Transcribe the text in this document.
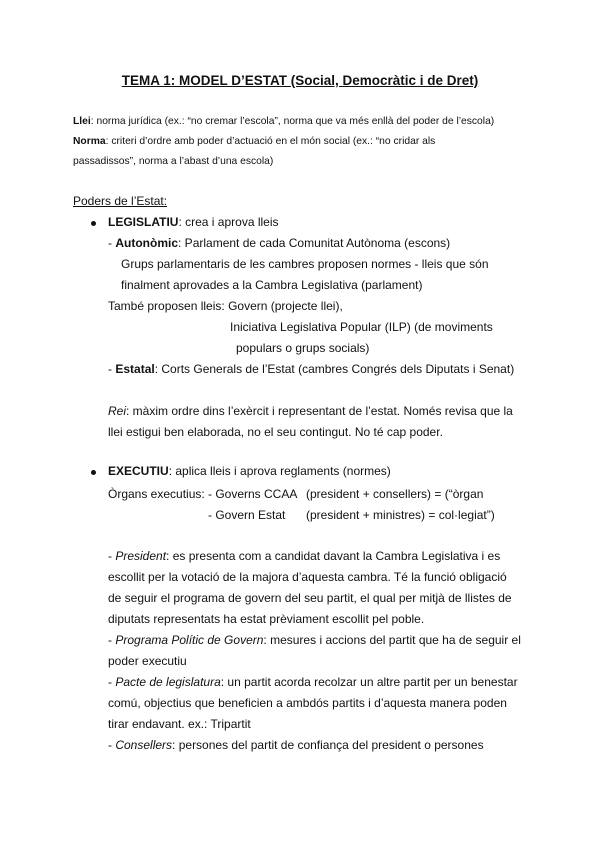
TEMA 1: MODEL D’ESTAT (Social, Democràtic i de Dret)
Llei: norma jurídica (ex.: “no cremar l’escola”, norma que va més enllà del poder de l’escola)
Norma: criteri d’ordre amb poder d’actuació en el món social (ex.: “no cridar als
passadissos”, norma a l’abast d’una escola)
Poders de l’Estat:
LEGISLATIU: crea i aprova lleis
- Autonòmic: Parlament de cada Comunitat Autònoma (escons)
Grups parlamentaris de les cambres proposen normes - lleis que són
finalment aprovades a la Cambra Legislativa (parlament)
També proposen lleis: Govern (projecte llei),
Iniciativa Legislativa Popular (ILP) (de moviments
populars o grups socials)
- Estatal: Corts Generals de l’Estat (cambres Congrés dels Diputats i Senat)
Rei: màxim ordre dins l’exèrcit i representant de l’estat. Només revisa que la
llei estigui ben elaborada, no el seu contingut. No té cap poder.
EXECUTIU: aplica lleis i aprova reglaments (normes)
Òrgans executius: - Governs CCAA (president + consellers) = (“òrgan
- Govern Estat (president + ministres) = col·legiat”)
- President: es presenta com a candidat davant la Cambra Legislativa i es
escollit per la votació de la majora d’aquesta cambra. Té la funció obligació
de seguir el programa de govern del seu partit, el qual per mitjà de llistes de
diputats representats ha estat prèviament escollit pel poble.
- Programa Polític de Govern: mesures i accions del partit que ha de seguir el
poder executiu
- Pacte de legislatura: un partit acorda recolzar un altre partit per un benestar
comú, objectius que beneficien a ambdós partits i d’aquesta manera poden
tirar endavant. ex.: Tripartit
- Consellers: persones del partit de confiança del president o persones
